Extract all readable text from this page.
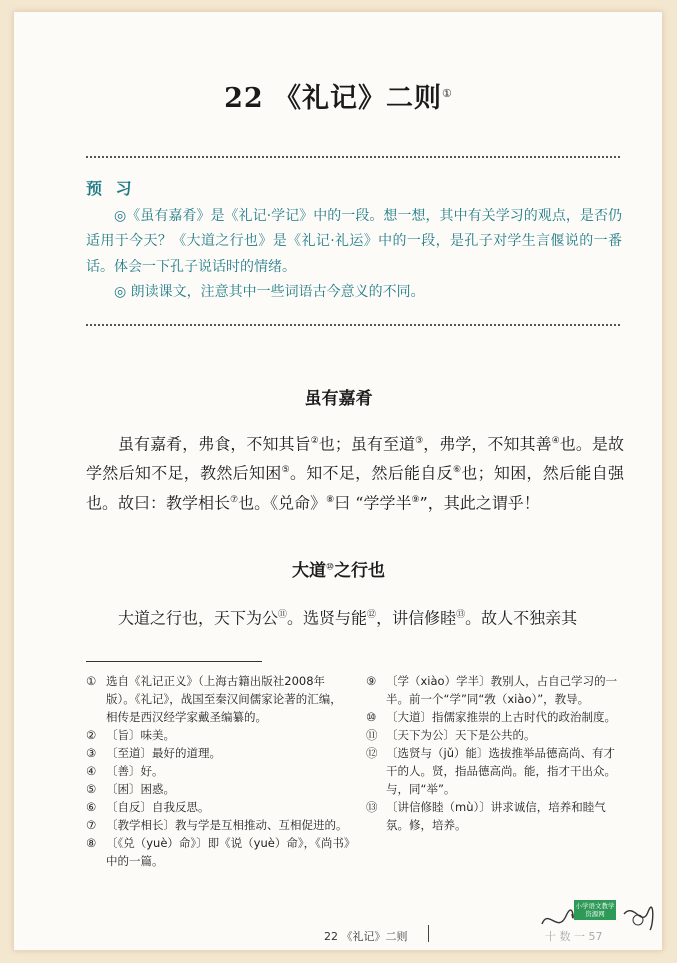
22 《礼记》二则①
预 习

◎《虽有嘉肴》是《礼记·学记》中的一段。想一想，其中有关学习的观点，是否仍适用于今天？《大道之行也》是《礼记·礼运》中的一段，是孔子对学生言偃说的一番话。体会一下孔子说话时的情绪。

◎ 朗读课文，注意其中一些词语古今意义的不同。

虽有嘉肴
虽有嘉肴，弗食，不知其旨②也；虽有至道③，弗学，不知其善④也。是故学然后知不足，教然后知困⑤。知不足，然后能自反⑥也；知困，然后能自强也。故曰：教学相长⑦也。《兑命》⑧曰 “学学半⑨”，其此之谓乎！
大道⑩之行也
大道之行也，天下为公⑪。选贤与能⑫，讲信修睦⑬。故人不独亲其
① 选自《礼记正义》（上海古籍出版社2008年版）。《礼记》，战国至秦汉间儒家论著的汇编，相传是西汉经学家戴圣编纂的。
② 〔旨〕味美。
③ 〔至道〕最好的道理。
④ 〔善〕好。
⑤ 〔困〕困惑。
⑥ 〔自反〕自我反思。
⑦ 〔教学相长〕教与学是互相推动、互相促进的。
⑧ 〔《兑（yuè）命》〕即《说（yuè）命》，《尚书》中的一篇。
⑨ 〔学（xiào）学半〕教别人，占自己学习的一半。前一个“学”同“敩（xiào）”，教导。
⑩ 〔大道〕指儒家推崇的上古时代的政治制度。
⑪ 〔天下为公〕天下是公共的。
⑫ 〔选贤与（jǔ）能〕选拔推举品德高尚、有才干的人。贤，指品德高尚。能，指才干出众。与，同“举”。
⑬ 〔讲信修睦（mù）〕讲求诚信，培养和睦气氛。修，培养。
22 《礼记》二则	十 数 一 57
小学语文教学资源网
